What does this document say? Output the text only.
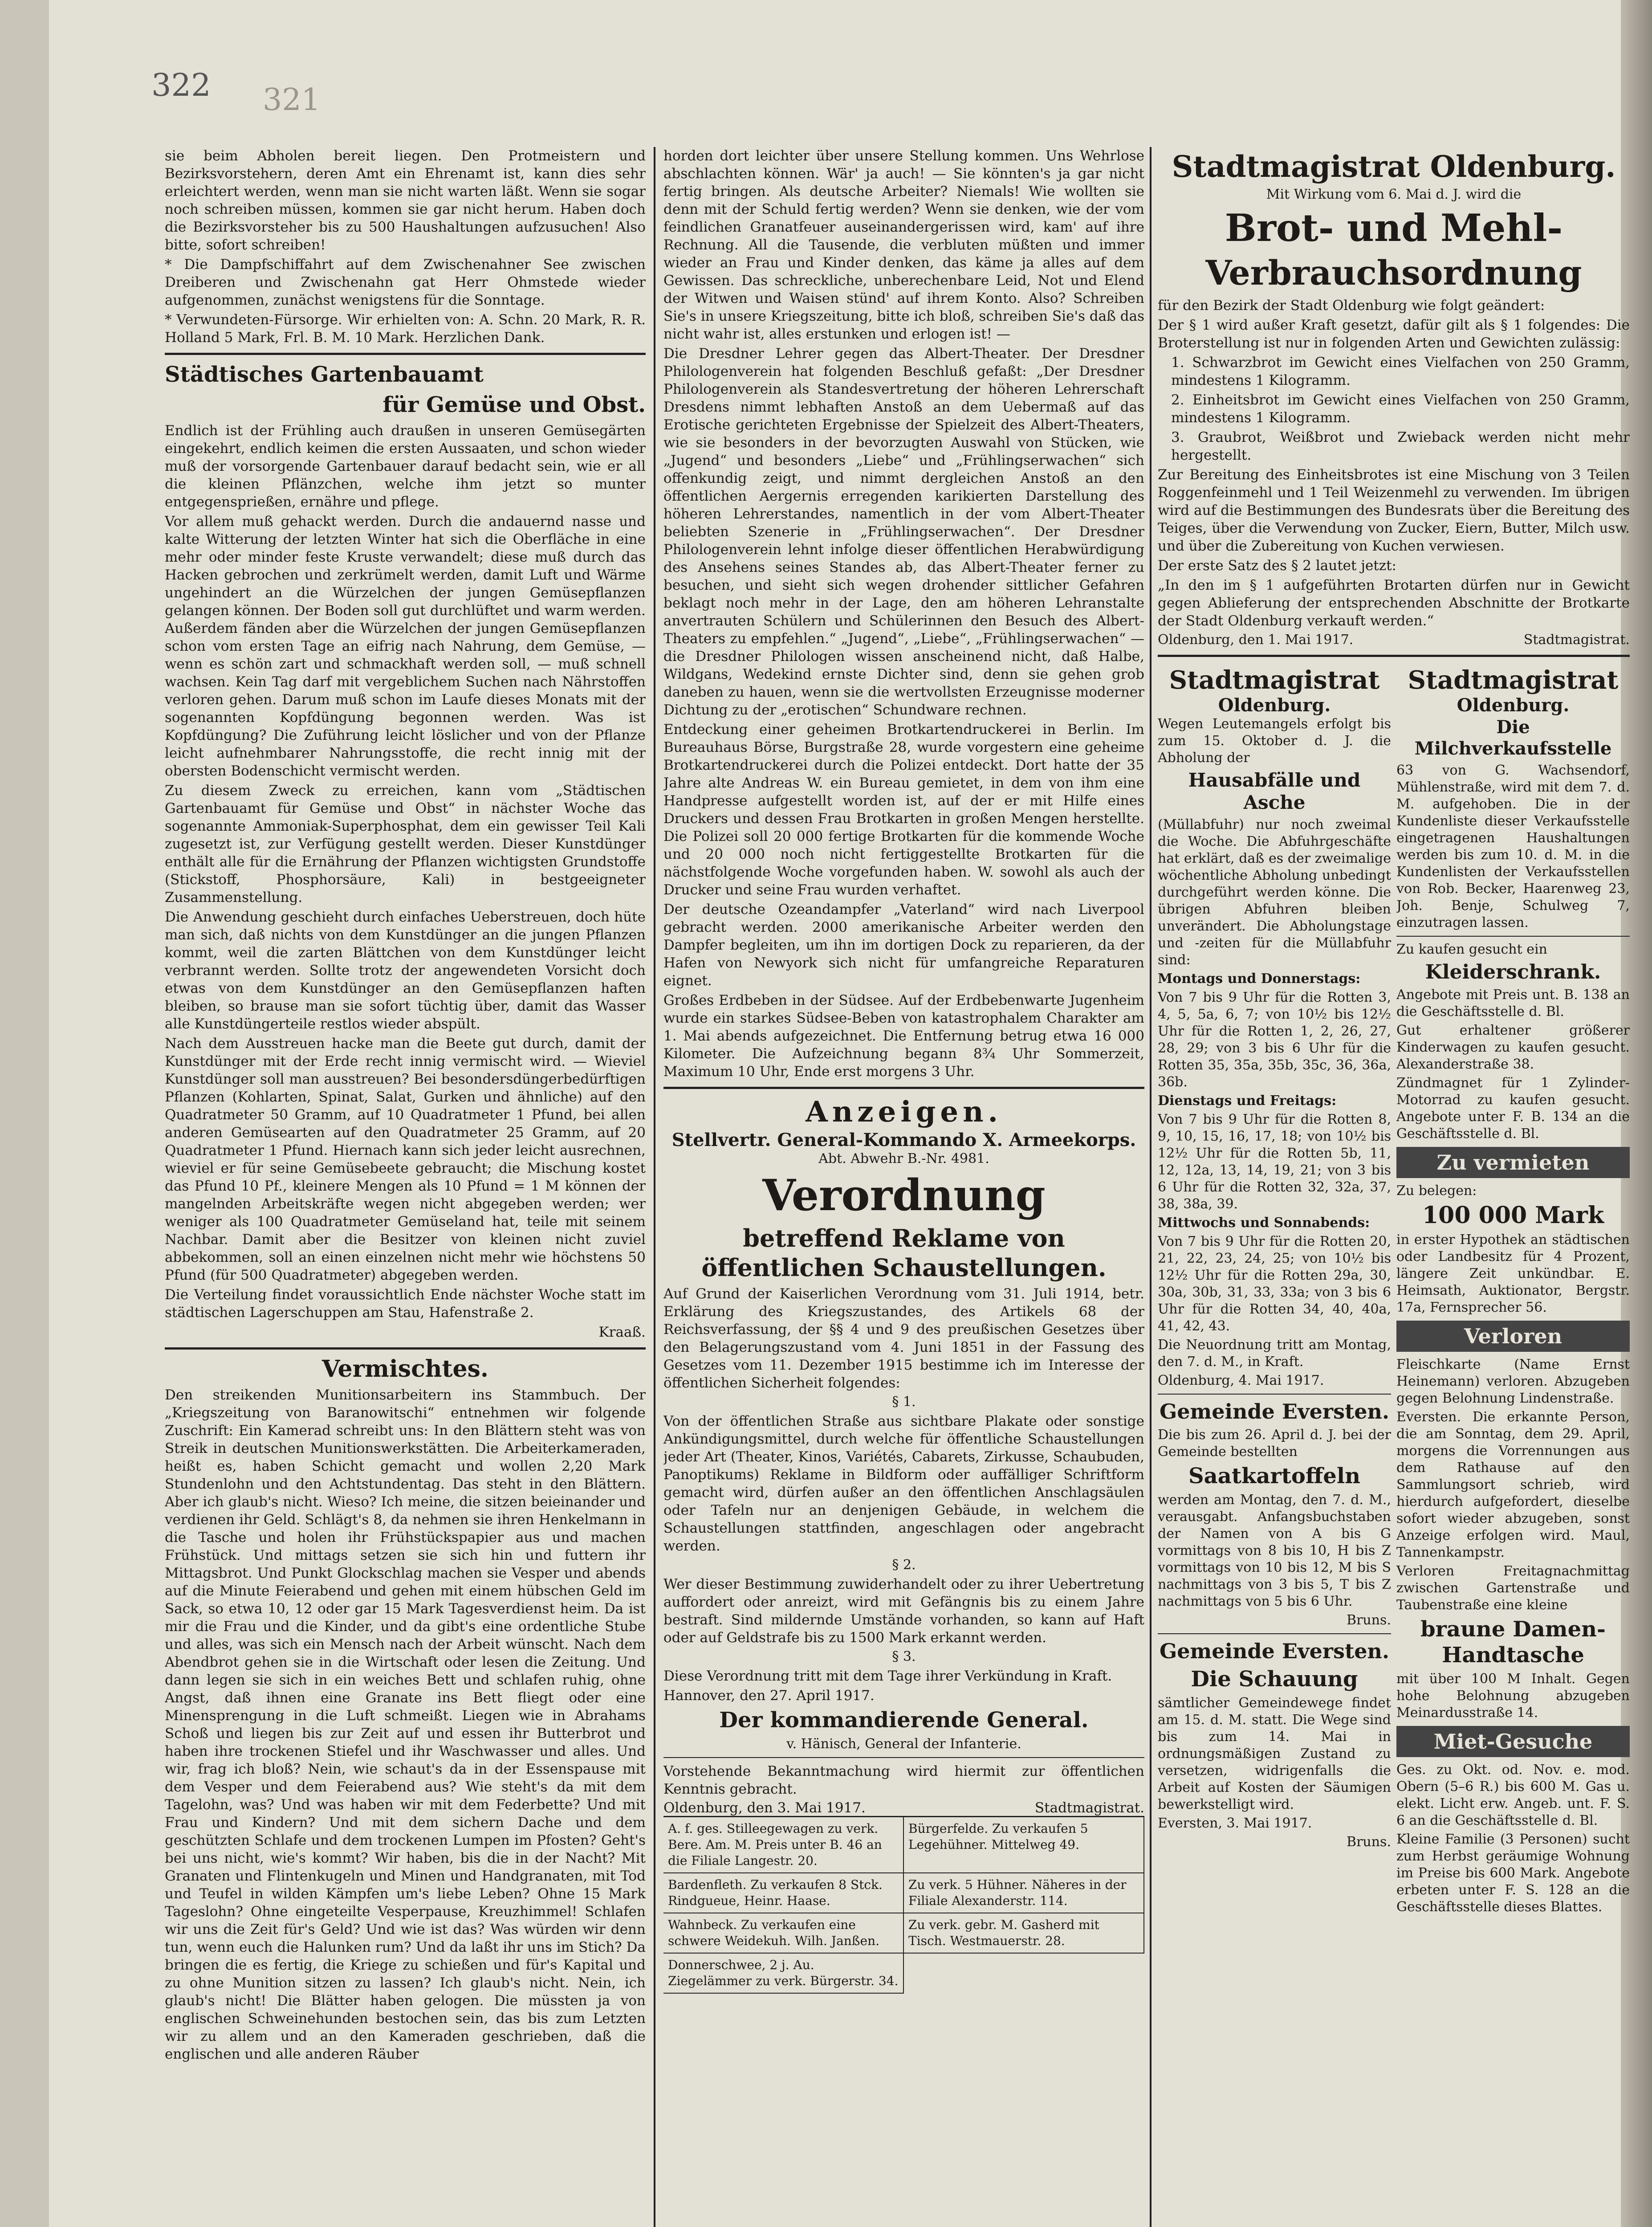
322 321

sie beim Abholen bereit liegen. Den Protmeistern und Bezirksvorstehern, deren Amt ein Ehrenamt ist, kann dies sehr erleichtert werden, wenn man sie nicht warten läßt. Wenn sie sogar noch schreiben müssen, kommen sie gar nicht herum. Haben doch die Bezirksvorsteher bis zu 500 Haushaltungen aufzusuchen! Also bitte, sofort schreiben!

* Die Dampfschiffahrt auf dem Zwischenahner See zwischen Dreiberen und Zwischenahn gat Herr Ohmstede wieder aufgenommen, zunächst wenigstens für die Sonntage.

* Verwundeten-Fürsorge. Wir erhielten von: A. Schn. 20 Mark, R. R. Holland 5 Mark, Frl. B. M. 10 Mark. Herzlichen Dank.

Städtisches Gartenbauamt
für Gemüse und Obst.

Endlich ist der Frühling auch draußen in unseren Gemüsegärten eingekehrt, endlich keimen die ersten Aussaaten, und schon wieder muß der vorsorgende Gartenbauer darauf bedacht sein, wie er all die kleinen Pflänzchen, welche ihm jetzt so munter entgegensprießen, ernähre und pflege.

Vor allem muß gehackt werden. Durch die andauernd nasse und kalte Witterung der letzten Winter hat sich die Oberfläche in eine mehr oder minder feste Kruste verwandelt; diese muß durch das Hacken gebrochen und zerkrümelt werden, damit Luft und Wärme ungehindert an die Würzelchen der jungen Gemüsepflanzen gelangen können. Der Boden soll gut durchlüftet und warm werden. Außerdem fänden aber die Würzelchen der jungen Gemüsepflanzen schon vom ersten Tage an eifrig nach Nahrung, dem Gemüse, — wenn es schön zart und schmackhaft werden soll, — muß schnell wachsen. Kein Tag darf mit vergeblichem Suchen nach Nährstoffen verloren gehen. Darum muß schon im Laufe dieses Monats mit der sogenannten Kopfdüngung begonnen werden. Was ist Kopfdüngung? Die Zuführung leicht löslicher und von der Pflanze leicht aufnehmbarer Nahrungsstoffe, die recht innig mit der obersten Bodenschicht vermischt werden.

Zu diesem Zweck zu erreichen, kann vom „Städtischen Gartenbauamt für Gemüse und Obst“ in nächster Woche das sogenannte Ammoniak-Superphosphat, dem ein gewisser Teil Kali zugesetzt ist, zur Verfügung gestellt werden. Dieser Kunstdünger enthält alle für die Ernährung der Pflanzen wichtigsten Grundstoffe (Stickstoff, Phosphorsäure, Kali) in bestgeeigneter Zusammenstellung.

Die Anwendung geschieht durch einfaches Ueberstreuen, doch hüte man sich, daß nichts von dem Kunstdünger an die jungen Pflanzen kommt, weil die zarten Blättchen von dem Kunstdünger leicht verbrannt werden. Sollte trotz der angewendeten Vorsicht doch etwas von dem Kunstdünger an den Gemüsepflanzen haften bleiben, so brause man sie sofort tüchtig über, damit das Wasser alle Kunstdüngerteile restlos wieder abspült.

Nach dem Ausstreuen hacke man die Beete gut durch, damit der Kunstdünger mit der Erde recht innig vermischt wird. — Wieviel Kunstdünger soll man ausstreuen? Bei besondersdüngerbedürftigen Pflanzen (Kohlarten, Spinat, Salat, Gurken und ähnliche) auf den Quadratmeter 50 Gramm, auf 10 Quadratmeter 1 Pfund, bei allen anderen Gemüsearten auf den Quadratmeter 25 Gramm, auf 20 Quadratmeter 1 Pfund. Hiernach kann sich jeder leicht ausrechnen, wieviel er für seine Gemüsebeete gebraucht; die Mischung kostet das Pfund 10 Pf., kleinere Mengen als 10 Pfund = 1 M können der mangelnden Arbeitskräfte wegen nicht abgegeben werden; wer weniger als 100 Quadratmeter Gemüseland hat, teile mit seinem Nachbar. Damit aber die Besitzer von kleinen nicht zuviel abbekommen, soll an einen einzelnen nicht mehr wie höchstens 50 Pfund (für 500 Quadratmeter) abgegeben werden.

Die Verteilung findet voraussichtlich Ende nächster Woche statt im städtischen Lagerschuppen am Stau, Hafenstraße 2.

Kraaß.

Vermischtes.

Den streikenden Munitionsarbeitern ins Stammbuch. Der „Kriegszeitung von Baranowitschi“ entnehmen wir folgende Zuschrift: Ein Kamerad schreibt uns: In den Blättern steht was von Streik in deutschen Munitionswerkstätten. Die Arbeiterkameraden, heißt es, haben Schicht gemacht und wollen 2,20 Mark Stundenlohn und den Achtstundentag. Das steht in den Blättern. Aber ich glaub's nicht. Wieso? Ich meine, die sitzen beieinander und verdienen ihr Geld. Schlägt's 8, da nehmen sie ihren Henkelmann in die Tasche und holen ihr Frühstückspapier aus und machen Frühstück. Und mittags setzen sie sich hin und futtern ihr Mittagsbrot. Und Punkt Glockschlag machen sie Vesper und abends auf die Minute Feierabend und gehen mit einem hübschen Geld im Sack, so etwa 10, 12 oder gar 15 Mark Tagesverdienst heim. Da ist mir die Frau und die Kinder, und da gibt's eine ordentliche Stube und alles, was sich ein Mensch nach der Arbeit wünscht. Nach dem Abendbrot gehen sie in die Wirtschaft oder lesen die Zeitung. Und dann legen sie sich in ein weiches Bett und schlafen ruhig, ohne Angst, daß ihnen eine Granate ins Bett fliegt oder eine Minensprengung in die Luft schmeißt. Liegen wie in Abrahams Schoß und liegen bis zur Zeit auf und essen ihr Butterbrot und haben ihre trockenen Stiefel und ihr Waschwasser und alles. Und wir, frag ich bloß? Nein, wie schaut's da in der Essenspause mit dem Vesper und dem Feierabend aus? Wie steht's da mit dem Tagelohn, was? Und was haben wir mit dem Federbette? Und mit Frau und Kindern? Und mit dem sichern Dache und dem geschützten Schlafe und dem trockenen Lumpen im Pfosten? Geht's bei uns nicht, wie's kommt? Wir haben, bis die in der Nacht? Mit Granaten und Flintenkugeln und Minen und Handgranaten, mit Tod und Teufel in wilden Kämpfen um's liebe Leben? Ohne 15 Mark Tageslohn? Ohne eingeteilte Vesperpause, Kreuzhimmel! Schlafen wir uns die Zeit für's Geld? Und wie ist das? Was würden wir denn tun, wenn euch die Halunken rum? Und da laßt ihr uns im Stich? Da bringen die es fertig, die Kriege zu schießen und für's Kapital und zu ohne Munition sitzen zu lassen? Ich glaub's nicht. Nein, ich glaub's nicht! Die Blätter haben gelogen. Die müssten ja von englischen Schweinehunden bestochen sein, das bis zum Letzten wir zu allem und an den Kameraden geschrieben, daß die englischen und alle anderen Räuber

horden dort leichter über unsere Stellung kommen. Uns Wehrlose abschlachten können. Wär' ja auch! — Sie könnten's ja gar nicht fertig bringen. Als deutsche Arbeiter? Niemals! Wie wollten sie denn mit der Schuld fertig werden? Wenn sie denken, wie der vom feindlichen Granatfeuer auseinandergerissen wird, kam' auf ihre Rechnung. All die Tausende, die verbluten müßten und immer wieder an Frau und Kinder denken, das käme ja alles auf dem Gewissen. Das schreckliche, unberechenbare Leid, Not und Elend der Witwen und Waisen stünd' auf ihrem Konto. Also? Schreiben Sie's in unsere Kriegszeitung, bitte ich bloß, schreiben Sie's daß das nicht wahr ist, alles erstunken und erlogen ist! —

Die Dresdner Lehrer gegen das Albert-Theater. Der Dresdner Philologenverein hat folgenden Beschluß gefaßt: „Der Dresdner Philologenverein als Standesvertretung der höheren Lehrerschaft Dresdens nimmt lebhaften Anstoß an dem Uebermaß auf das Erotische gerichteten Ergebnisse der Spielzeit des Albert-Theaters, wie sie besonders in der bevorzugten Auswahl von Stücken, wie „Jugend“ und besonders „Liebe“ und „Frühlingserwachen“ sich offenkundig zeigt, und nimmt dergleichen Anstoß an den öffentlichen Aergernis erregenden karikierten Darstellung des höheren Lehrerstandes, namentlich in der vom Albert-Theater beliebten Szenerie in „Frühlingserwachen“. Der Dresdner Philologenverein lehnt infolge dieser öffentlichen Herabwürdigung des Ansehens seines Standes ab, das Albert-Theater ferner zu besuchen, und sieht sich wegen drohender sittlicher Gefahren beklagt noch mehr in der Lage, den am höheren Lehranstalte anvertrauten Schülern und Schülerinnen den Besuch des Albert-Theaters zu empfehlen.“ „Jugend“, „Liebe“, „Frühlingserwachen“ — die Dresdner Philologen wissen anscheinend nicht, daß Halbe, Wildgans, Wedekind ernste Dichter sind, denn sie gehen grob daneben zu hauen, wenn sie die wertvollsten Erzeugnisse moderner Dichtung zu der „erotischen“ Schundware rechnen.

Entdeckung einer geheimen Brotkartendruckerei in Berlin. Im Bureauhaus Börse, Burgstraße 28, wurde vorgestern eine geheime Brotkartendruckerei durch die Polizei entdeckt. Dort hatte der 35 Jahre alte Andreas W. ein Bureau gemietet, in dem von ihm eine Handpresse aufgestellt worden ist, auf der er mit Hilfe eines Druckers und dessen Frau Brotkarten in großen Mengen herstellte. Die Polizei soll 20 000 fertige Brotkarten für die kommende Woche und 20 000 noch nicht fertiggestellte Brotkarten für die nächstfolgende Woche vorgefunden haben. W. sowohl als auch der Drucker und seine Frau wurden verhaftet.

Der deutsche Ozeandampfer „Vaterland“ wird nach Liverpool gebracht werden. 2000 amerikanische Arbeiter werden den Dampfer begleiten, um ihn im dortigen Dock zu reparieren, da der Hafen von Newyork sich nicht für umfangreiche Reparaturen eignet.

Großes Erdbeben in der Südsee. Auf der Erdbebenwarte Jugenheim wurde ein starkes Südsee-Beben von katastrophalem Charakter am 1. Mai abends aufgezeichnet. Die Entfernung betrug etwa 16 000 Kilometer. Die Aufzeichnung begann 8¾ Uhr Sommerzeit, Maximum 10 Uhr, Ende erst morgens 3 Uhr.

Anzeigen.
Stellvertr. General-Kommando X. Armeekorps.
Abt. Abwehr B.-Nr. 4981.
Verordnung
betreffend Reklame von öffentlichen Schaustellungen.

Auf Grund der Kaiserlichen Verordnung vom 31. Juli 1914, betr. Erklärung des Kriegszustandes, des Artikels 68 der Reichsverfassung, der §§ 4 und 9 des preußischen Gesetzes über den Belagerungszustand vom 4. Juni 1851 in der Fassung des Gesetzes vom 11. Dezember 1915 bestimme ich im Interesse der öffentlichen Sicherheit folgendes:

§ 1.

Von der öffentlichen Straße aus sichtbare Plakate oder sonstige Ankündigungsmittel, durch welche für öffentliche Schaustellungen jeder Art (Theater, Kinos, Variétés, Cabarets, Zirkusse, Schaubuden, Panoptikums) Reklame in Bildform oder auffälliger Schriftform gemacht wird, dürfen außer an den öffentlichen Anschlagsäulen oder Tafeln nur an denjenigen Gebäude, in welchem die Schaustellungen stattfinden, angeschlagen oder angebracht werden.

§ 2.

Wer dieser Bestimmung zuwiderhandelt oder zu ihrer Uebertretung auffordert oder anreizt, wird mit Gefängnis bis zu einem Jahre bestraft. Sind mildernde Umstände vorhanden, so kann auf Haft oder auf Geldstrafe bis zu 1500 Mark erkannt werden.

§ 3.

Diese Verordnung tritt mit dem Tage ihrer Verkündung in Kraft.

Hannover, den 27. April 1917.

Der kommandierende General.
v. Hänisch, General der Infanterie.

Vorstehende Bekanntmachung wird hiermit zur öffentlichen Kenntnis gebracht.

Oldenburg, den 3. Mai 1917.	Stadtmagistrat.
A. f. ges. Stilleegewagen zu verk. Bere. Am. M. Preis unter B. 46 an die Filiale Langestr. 20.
Bürgerfelde. Zu verkaufen 5 Legehühner. Mittelweg 49.
Bardenfleth. Zu verkaufen 8 Stck. Rindgueue, Heinr. Haase.
Zu verk. 5 Hühner. Näheres in der Filiale Alexanderstr. 114.
Wahnbeck. Zu verkaufen eine schwere Weidekuh. Wilh. Janßen.
Zu verk. gebr. M. Gasherd mit Tisch. Westmauerstr. 28.
Donnerschwee, 2 j. Au. Ziegelämmer zu verk. Bürgerstr. 34.
Stadtmagistrat Oldenburg.
Mit Wirkung vom 6. Mai d. J. wird die
Brot- und Mehl-
Verbrauchsordnung

für den Bezirk der Stadt Oldenburg wie folgt geändert:

Der § 1 wird außer Kraft gesetzt, dafür gilt als § 1 folgendes: Die Broterstellung ist nur in folgenden Arten und Gewichten zulässig:

1. Schwarzbrot im Gewicht eines Vielfachen von 250 Gramm, mindestens 1 Kilogramm.

2. Einheitsbrot im Gewicht eines Vielfachen von 250 Gramm, mindestens 1 Kilogramm.

3. Graubrot, Weißbrot und Zwieback werden nicht mehr hergestellt.

Zur Bereitung des Einheitsbrotes ist eine Mischung von 3 Teilen Roggenfeinmehl und 1 Teil Weizenmehl zu verwenden. Im übrigen wird auf die Bestimmungen des Bundesrats über die Bereitung des Teiges, über die Verwendung von Zucker, Eiern, Butter, Milch usw. und über die Zubereitung von Kuchen verwiesen.

Der erste Satz des § 2 lautet jetzt:

„In den im § 1 aufgeführten Brotarten dürfen nur in Gewicht gegen Ablieferung der entsprechenden Abschnitte der Brotkarte der Stadt Oldenburg verkauft werden.“

Oldenburg, den 1. Mai 1917.	Stadtmagistrat.
Stadtmagistrat
Oldenburg.

Wegen Leutemangels erfolgt bis zum 15. Oktober d. J. die Abholung der

Hausabfälle und Asche

(Müllabfuhr) nur noch zweimal die Woche. Die Abfuhrgeschäfte hat erklärt, daß es der zweimalige wöchentliche Abholung unbedingt durchgeführt werden könne. Die übrigen Abfuhren bleiben unverändert. Die Abholungstage und -zeiten für die Müllabfuhr sind:

Montags und Donnerstags:

Von 7 bis 9 Uhr für die Rotten 3, 4, 5, 5a, 6, 7; von 10½ bis 12½ Uhr für die Rotten 1, 2, 26, 27, 28, 29; von 3 bis 6 Uhr für die Rotten 35, 35a, 35b, 35c, 36, 36a, 36b.

Dienstags und Freitags:

Von 7 bis 9 Uhr für die Rotten 8, 9, 10, 15, 16, 17, 18; von 10½ bis 12½ Uhr für die Rotten 5b, 11, 12, 12a, 13, 14, 19, 21; von 3 bis 6 Uhr für die Rotten 32, 32a, 37, 38, 38a, 39.

Mittwochs und Sonnabends:

Von 7 bis 9 Uhr für die Rotten 20, 21, 22, 23, 24, 25; von 10½ bis 12½ Uhr für die Rotten 29a, 30, 30a, 30b, 31, 33, 33a; von 3 bis 6 Uhr für die Rotten 34, 40, 40a, 41, 42, 43.

Die Neuordnung tritt am Montag, den 7. d. M., in Kraft.

Oldenburg, 4. Mai 1917.

Gemeinde Eversten.

Die bis zum 26. April d. J. bei der Gemeinde bestellten

Saatkartoffeln

werden am Montag, den 7. d. M., verausgabt. Anfangsbuchstaben der Namen von A bis G vormittags von 8 bis 10, H bis Z vormittags von 10 bis 12, M bis S nachmittags von 3 bis 5, T bis Z nachmittags von 5 bis 6 Uhr.

Bruns.

Gemeinde Eversten.
Die Schauung

sämtlicher Gemeindewege findet am 15. d. M. statt. Die Wege sind bis zum 14. Mai in ordnungsmäßigen Zustand zu versetzen, widrigenfalls die Arbeit auf Kosten der Säumigen bewerkstelligt wird.

Eversten, 3. Mai 1917.

Bruns.

Stadtmagistrat
Oldenburg.
Die Milchverkaufsstelle

63 von G. Wachsendorf, Mühlenstraße, wird mit dem 7. d. M. aufgehoben. Die in der Kundenliste dieser Verkaufsstelle eingetragenen Haushaltungen werden bis zum 10. d. M. in die Kundenlisten der Verkaufsstellen von Rob. Becker, Haarenweg 23, Joh. Benje, Schulweg 7, einzutragen lassen.

Zu kaufen gesucht ein

Kleiderschrank.

Angebote mit Preis unt. B. 138 an die Geschäftsstelle d. Bl.

Gut erhaltener größerer Kinderwagen zu kaufen gesucht. Alexanderstraße 38.

Zündmagnet für 1 Zylinder-Motorrad zu kaufen gesucht. Angebote unter F. B. 134 an die Geschäftsstelle d. Bl.

Zu vermieten

Zu belegen:

100 000 Mark

in erster Hypothek an städtischen oder Landbesitz für 4 Prozent, längere Zeit unkündbar. E. Heimsath, Auktionator, Bergstr. 17a, Fernsprecher 56.

Verloren

Fleischkarte (Name Ernst Heinemann) verloren. Abzugeben gegen Belohnung Lindenstraße.

Eversten. Die erkannte Person, die am Sonntag, dem 29. April, morgens die Vorrennungen aus dem Rathause auf den Sammlungsort schrieb, wird hierdurch aufgefordert, dieselbe sofort wieder abzugeben, sonst Anzeige erfolgen wird. Maul, Tannenkampstr.

Verloren Freitagnachmittag zwischen Gartenstraße und Taubenstraße eine kleine

braune Damen-Handtasche

mit über 100 M Inhalt. Gegen hohe Belohnung abzugeben Meinardusstraße 14.

Miet-Gesuche

Ges. zu Okt. od. Nov. e. mod. Obern (5–6 R.) bis 600 M. Gas u. elekt. Licht erw. Angeb. unt. F. S. 6 an die Geschäftsstelle d. Bl.

Kleine Familie (3 Personen) sucht zum Herbst geräumige Wohnung im Preise bis 600 Mark. Angebote erbeten unter F. S. 128 an die Geschäftsstelle dieses Blattes.
